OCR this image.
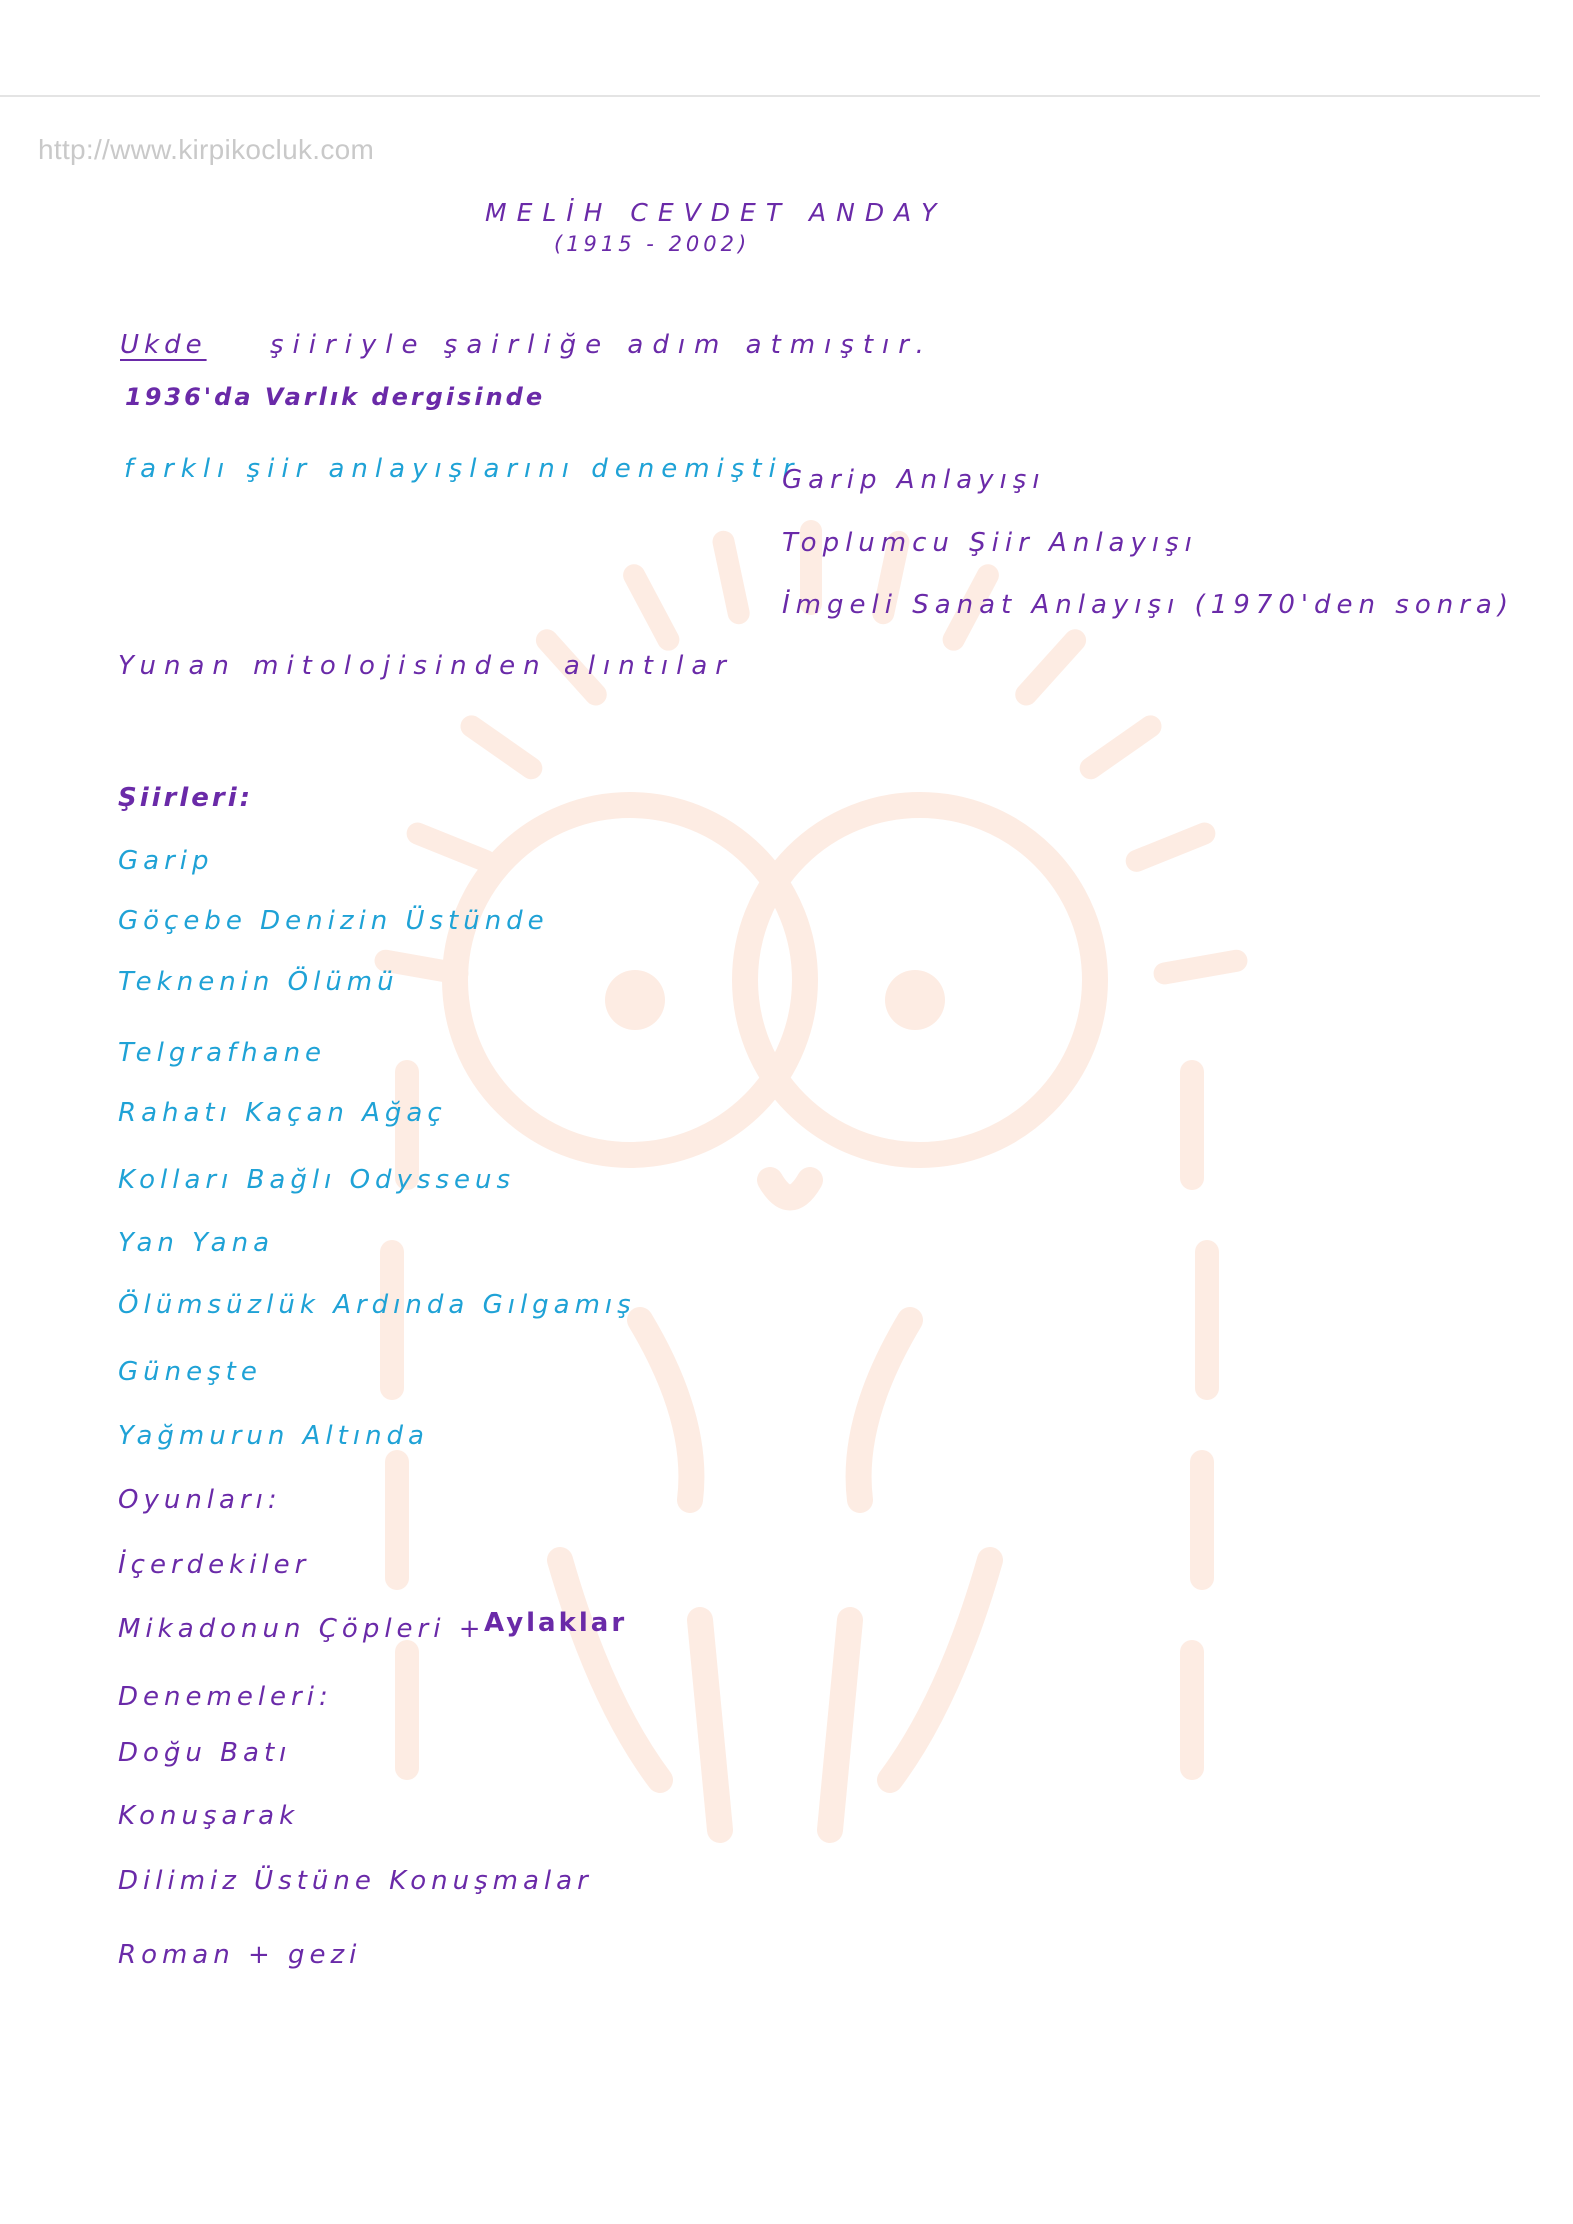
http://www.kirpikocluk.com
MELİH CEVDET ANDAY
(1915 - 2002)
Ukde şiiriyle şairliğe adım atmıştır.
1936'da Varlık dergisinde
farklı şiir anlayışlarını denemiştir
Garip Anlayışı
Toplumcu Şiir Anlayışı
İmgeli Sanat Anlayışı (1970'den sonra)
Yunan mitolojisinden alıntılar
Şiirleri:
Garip
Göçebe Denizin Üstünde
Teknenin Ölümü
Telgrafhane
Rahatı Kaçan Ağaç
Kolları Bağlı Odysseus
Yan Yana
Ölümsüzlük Ardında Gılgamış
Güneşte
Yağmurun Altında
Oyunları:
İçerdekiler
Mikadonun Çöpleri +
Aylaklar
Denemeleri:
Doğu Batı
Konuşarak
Dilimiz Üstüne Konuşmalar
Roman + gezi
